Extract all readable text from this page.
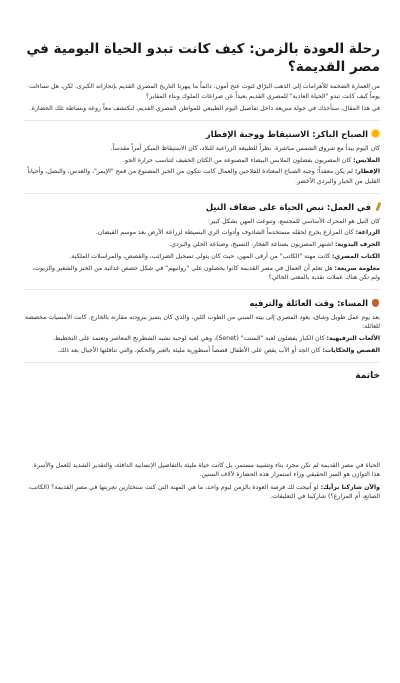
رحلة العودة بالزمن: كيف كانت تبدو الحياة اليومية في مصر القديمة؟

من العمارة الضخمة للأهرامات إلى الذهب البرّاق لتوت عنخ آمون، دائماً ما يبهرنا التاريخ المصري القديم بإنجازاته الكبرى. لكن، هل تساءلت يوماً كيف كانت تبدو "الحياة العادية" للمصري القديم بعيداً عن صراعات الملوك وبناء المقابر؟

في هذا المقال، سنأخذك في جولة سريعة داخل تفاصيل اليوم الطبيعي للمواطن المصري القديم، لنكتشف معاً روعة وبساطة تلك الحضارة.

الصباح الباكر: الاستيقاظ ووجبة الإفطار

كان اليوم يبدأ مع شروق الشمس مباشرة. نظراً للطبيعة الزراعية للبلاد، كان الاستيقاظ المبكر أمراً مقدساً.

الملابس: كان المصريون يفضلون الملابس البيضاء المصنوعة من الكتان الخفيف لتناسب حرارة الجو.

الإفطار: لم يكن معقداً؛ وجبة الصباح المعتادة للفلاحين والعمال كانت تتكون من الخبز المصنوع من قمح "الإيمر"، والعدس، والبصل، وأحياناً القليل من الخيار والبردي الأخضر.

في العمل: نبض الحياة على ضفاف النيل

كان النيل هو المحرك الأساسي للمجتمع، وتنوعت المهن بشكل كبير:

الزراعة: كان المزارع يخرج لحقله مستخدماً الشادوف وأدوات الري البسيطة لزراعة الأرض بعد موسم الفيضان.

الحرف اليدوية: اشتهر المصريون بصناعة الفخار، النسيج، وصناعة الحلي والبردي.

الكتاب المصري: كانت مهنة "الكاتب" من أرقى المهن، حيث كان يتولى تسجيل الضرائب، والقصص، والمراسلات الملكية.

معلومة سريعة: هل تعلم أن العمال في مصر القديمة كانوا يحصلون على "رواتبهم" في شكل حصص غذائية من الخبز والشعير والزيوت، ولم تكن هناك عملات نقدية بالمعنى الحالي؟

المساء: وقت العائلة والترفيه

بعد يوم عمل طويل وشاق، يعود المصري إلى بيته المبني من الطوب اللبن، والذي كان يتميز ببرودته مقارنة بالخارج. كانت الأمسيات مخصصة للعائلة:

الألعاب الترفيهية: كان الكبار يفضلون لعبة "السنت" (Senet)، وهي لعبة لوحية تشبه الشطرنج المعاصر وتعتمد على التخطيط.

القصص والحكايات: كان الجد أو الأب يقص على الأطفال قصصاً أسطورية مليئة بالعبر والحكم، والتي تناقلتها الأجيال بعد ذلك.

خاتمة

الحياة في مصر القديمة لم تكن مجرد بناء وتشييد مستمر، بل كانت حياة مليئة بالتفاصيل الإنسانية الدافئة، والتقدير الشديد للعمل والأسرة. هذا التوازن هو السر الحقيقي وراء استمرار هذه الحضارة لآلاف السنين.

والآن شاركنا برأيك: لو أتيحت لك فرصة العودة بالزمن ليوم واحد، ما هي المهنة التي كنت ستختارين تجربتها في مصر القديمة؟ (الكاتب، الصانع، أم المزارع؟) شاركينا في التعليقات.
